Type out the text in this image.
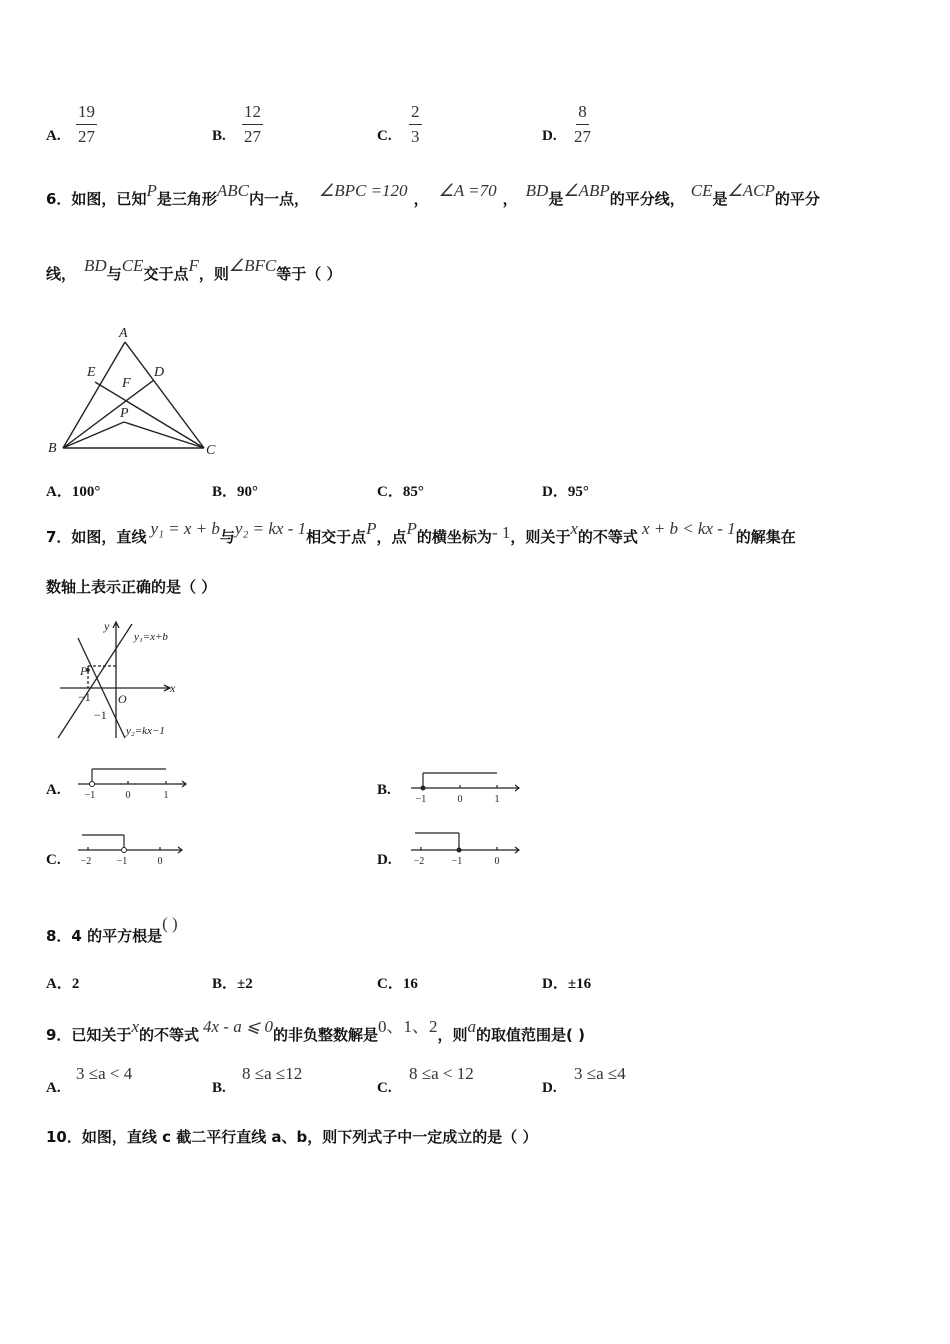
A. $\frac{19}{27}$	B. $\frac{12}{27}$	C. $\frac{2}{3}$	D. $\frac{8}{27}$
6．如图，已知P是三角形ABC内一点， ∠BPC =120 ， ∠A =70 ， BD是∠ABP的平分线， CE是∠ACP的平分
线， BD与CE交于点F，则∠BFC等于（ ）
A
B	C
D
E
F
P
A．100°	B．90°	C．85°	D．95°
7．如图，直线 y₁ = x + b与y₂ = kx - 1相交于点P，点P的横坐标为- 1，则关于x的不等式 x + b < kx - 1的解集在
数轴上表示正确的是（ ）
y
x
O
P
−1
−1
y₁=x+b
y₂=kx−1
A. −1	0	1	B.
−1	0	1
C. −2	−1	0	D. −2	−1	0
8．4 的平方根是( )
A．2	B．±2	C．16	D．±16
9．已知关于x的不等式 4x - a ⩽ 0的非负整数解是0、1、2，则a的取值范围是( )
A.
3 ≤a < 4
B.
8 ≤a ≤12
C.
8 ≤a < 12
D.
3 ≤a ≤4
10．如图，直线 c 截二平行直线 a、b，则下列式子中一定成立的是（ ）
